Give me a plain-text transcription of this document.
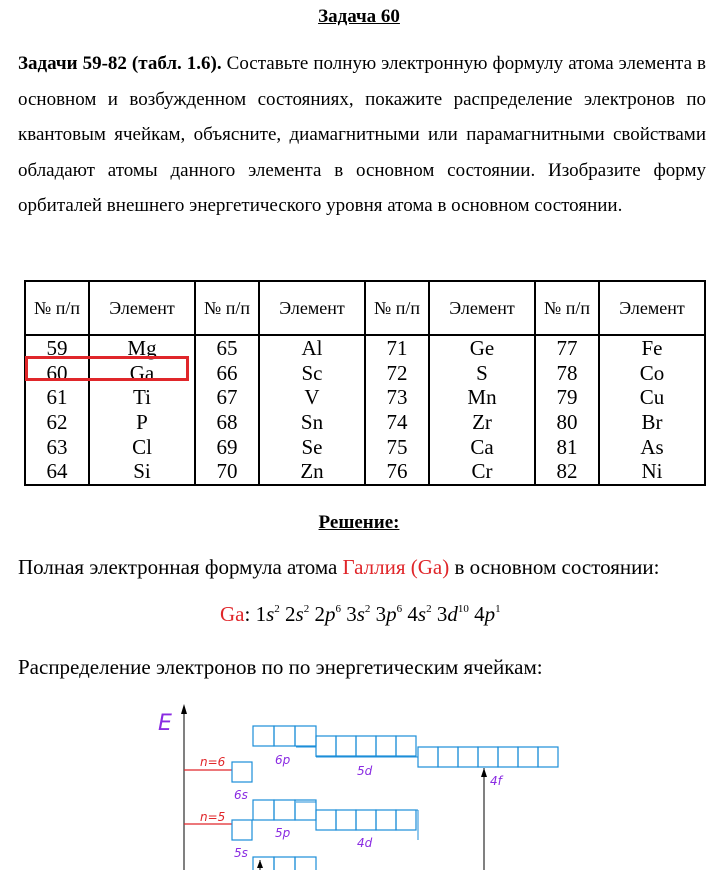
Задача 60
Задачи 59-82 (табл. 1.6). Составьте полную электронную формулу атома элемента в основном и возбужденном состояниях, покажите распределение электронов по квантовым ячейкам, объясните, диамагнитными или парамагнитными свойствами обладают атомы данного элемента в основном состоянии. Изобразите форму орбиталей внешнего энергетического уровня атома в основном состоянии.
№ п/п	Элемент	№ п/п	Элемент	№ п/п	Элемент	№ п/п	Элемент
59	Mg	65	Al	71	Ge	77	Fe
60	Ga	66	Sc	72	S	78	Co
61	Ti	67	V	73	Mn	79	Cu
62	P	68	Sn	74	Zr	80	Br
63	Cl	69	Se	75	Ca	81	As
64	Si	70	Zn	76	Cr	82	Ni
Решение:
Полная электронная формула атома Галлия (Ga) в основном состоянии:
Ga: $1s^2$ $2s^2$ $2p^6$ $3s^2$ $3p^6$ $4s^2$ $3d^{10}$ $4p^1$
Распределение электронов по по энергетическим ячейкам:
E
n=6
n=5
6s
6p
5d
4f
5s
5p
4d
